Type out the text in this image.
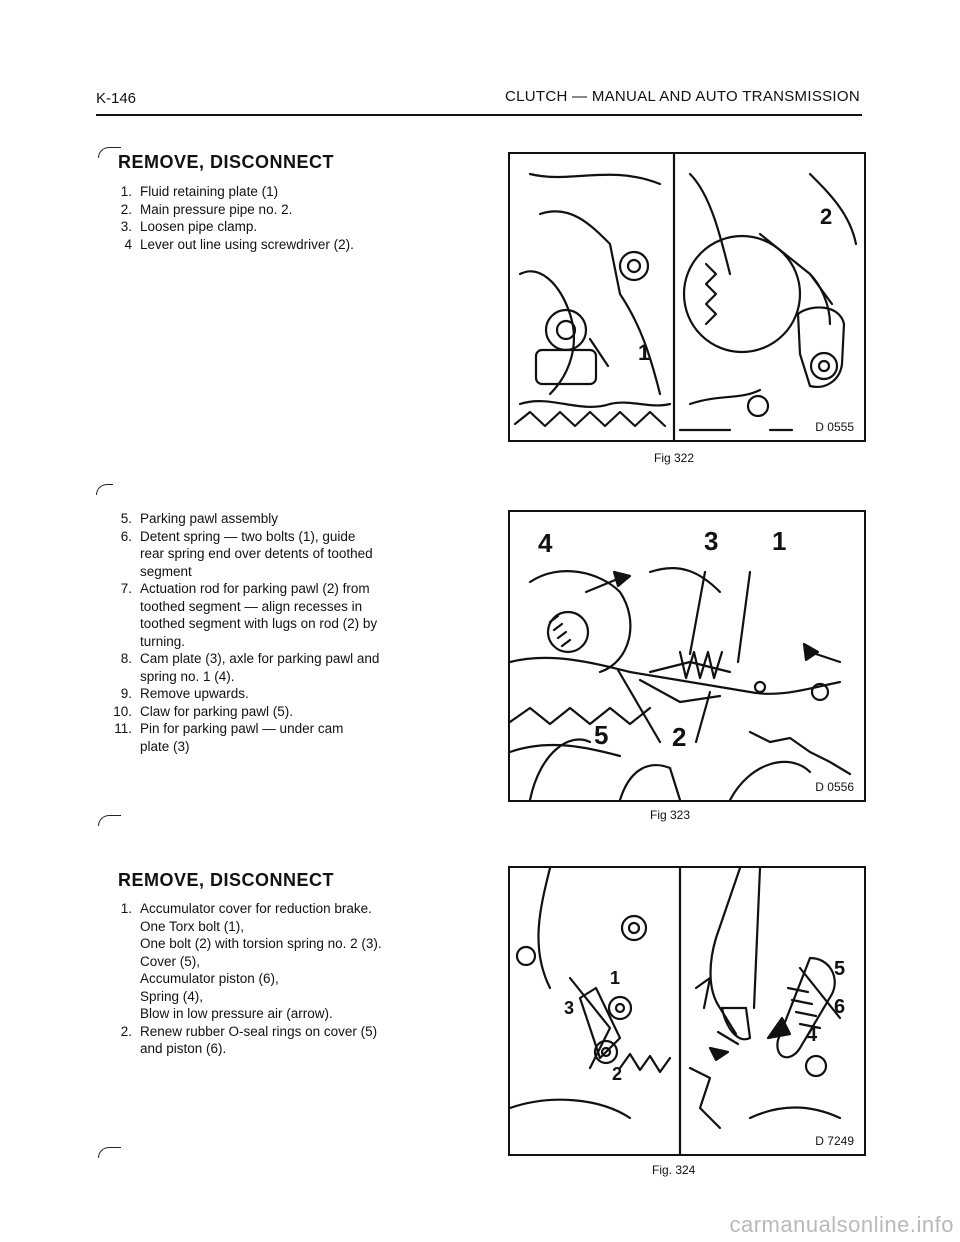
K-146	CLUTCH — MANUAL AND AUTO TRANSMISSION
REMOVE, DISCONNECT
1. Fluid retaining plate (1)
2. Main pressure pipe no. 2.
3. Loosen pipe clamp.
4 Lever out line using screwdriver (2).
5. Parking pawl assembly
6. Detent spring — two bolts (1), guide
rear spring end over detents of toothed
segment
7. Actuation rod for parking pawl (2) from
toothed segment — align recesses in
toothed segment with lugs on rod (2) by
turning.
8. Cam plate (3), axle for parking pawl and
spring no. 1 (4).
9. Remove upwards.
10. Claw for parking pawl (5).
11. Pin for parking pawl — under cam
plate (3)
REMOVE, DISCONNECT
1. Accumulator cover for reduction brake.
One Torx bolt (1),
One bolt (2) with torsion spring no. 2 (3).
Cover (5),
Accumulator piston (6),
Spring (4),
Blow in low pressure air (arrow).
2. Renew rubber O-seal rings on cover (5)
and piston (6).
1
2
D 0555
Fig 322
4	3 1
5 2
D 0556
Fig 323
1
3
2
5
6
4
D 7249
Fig. 324
carmanualsonline.info
